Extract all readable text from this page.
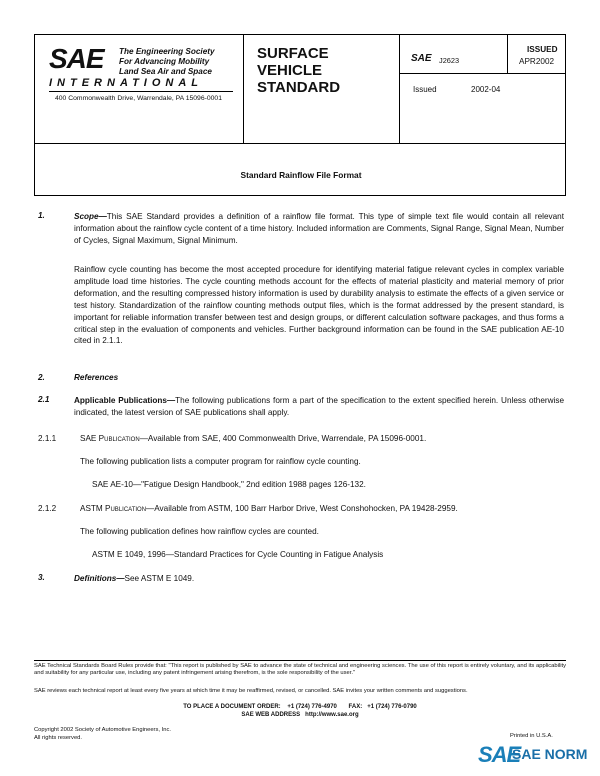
SAE The Engineering Society
For Advancing Mobility
Land Sea Air and Space
INTERNATIONAL
400 Commonwealth Drive, Warrendale, PA 15096-0001
SURFACE
VEHICLE
STANDARD
SAE J2623
ISSUED
APR2002
Issued	2002-04
Standard Rainflow File Format
1.	Scope—This SAE Standard provides a definition of a rainflow file format. This type of simple text file would contain all relevant information about the rainflow cycle content of a time history. Included information are Comments, Signal Range, Signal Mean, Number of Cycles, Signal Maximum, Signal Minimum.
Rainflow cycle counting has become the most accepted procedure for identifying material fatigue relevant cycles in complex variable amplitude load time histories. The cycle counting methods account for the effects of material plasticity and material memory of prior deformation, and the resulting compressed history information is used by durability analysis to estimate the effects of a given service or test history. Standardization of the rainflow counting methods output files, which is the format addressed by the present standard, is important for reliable information transfer between test and design groups, or different calculation software packages, and thus forms a critical step in the evaluation of components and vehicles. Further background information can be found in the SAE publication AE-10 cited in 2.1.1.
2.	References
2.1	Applicable Publications—The following publications form a part of the specification to the extent specified herein. Unless otherwise indicated, the latest version of SAE publications shall apply.
2.1.1	SAE Publication—Available from SAE, 400 Commonwealth Drive, Warrendale, PA 15096-0001.
The following publication lists a computer program for rainflow cycle counting.
SAE AE-10—"Fatigue Design Handbook," 2nd edition 1988 pages 126-132.
2.1.2	ASTM Publication—Available from ASTM, 100 Barr Harbor Drive, West Conshohocken, PA 19428-2959.
The following publication defines how rainflow cycles are counted.
ASTM E 1049, 1996—Standard Practices for Cycle Counting in Fatigue Analysis
3.	Definitions—See ASTM E 1049.
SAE Technical Standards Board Rules provide that: "This report is published by SAE to advance the state of technical and engineering sciences. The use of this report is entirely voluntary, and its applicability and suitability for any particular use, including any patent infringement arising therefrom, is the sole responsibility of the user."
SAE reviews each technical report at least every five years at which time it may be reaffirmed, revised, or cancelled. SAE invites your written comments and suggestions.
TO PLACE A DOCUMENT ORDER: +1 (724) 776-4970 FAX: +1 (724) 776-0790
SAE WEB ADDRESS http://www.sae.org
Copyright 2002 Society of Automotive Engineers, Inc.
All rights reserved.	Printed in U.S.A.
SAE
SAE NORM
